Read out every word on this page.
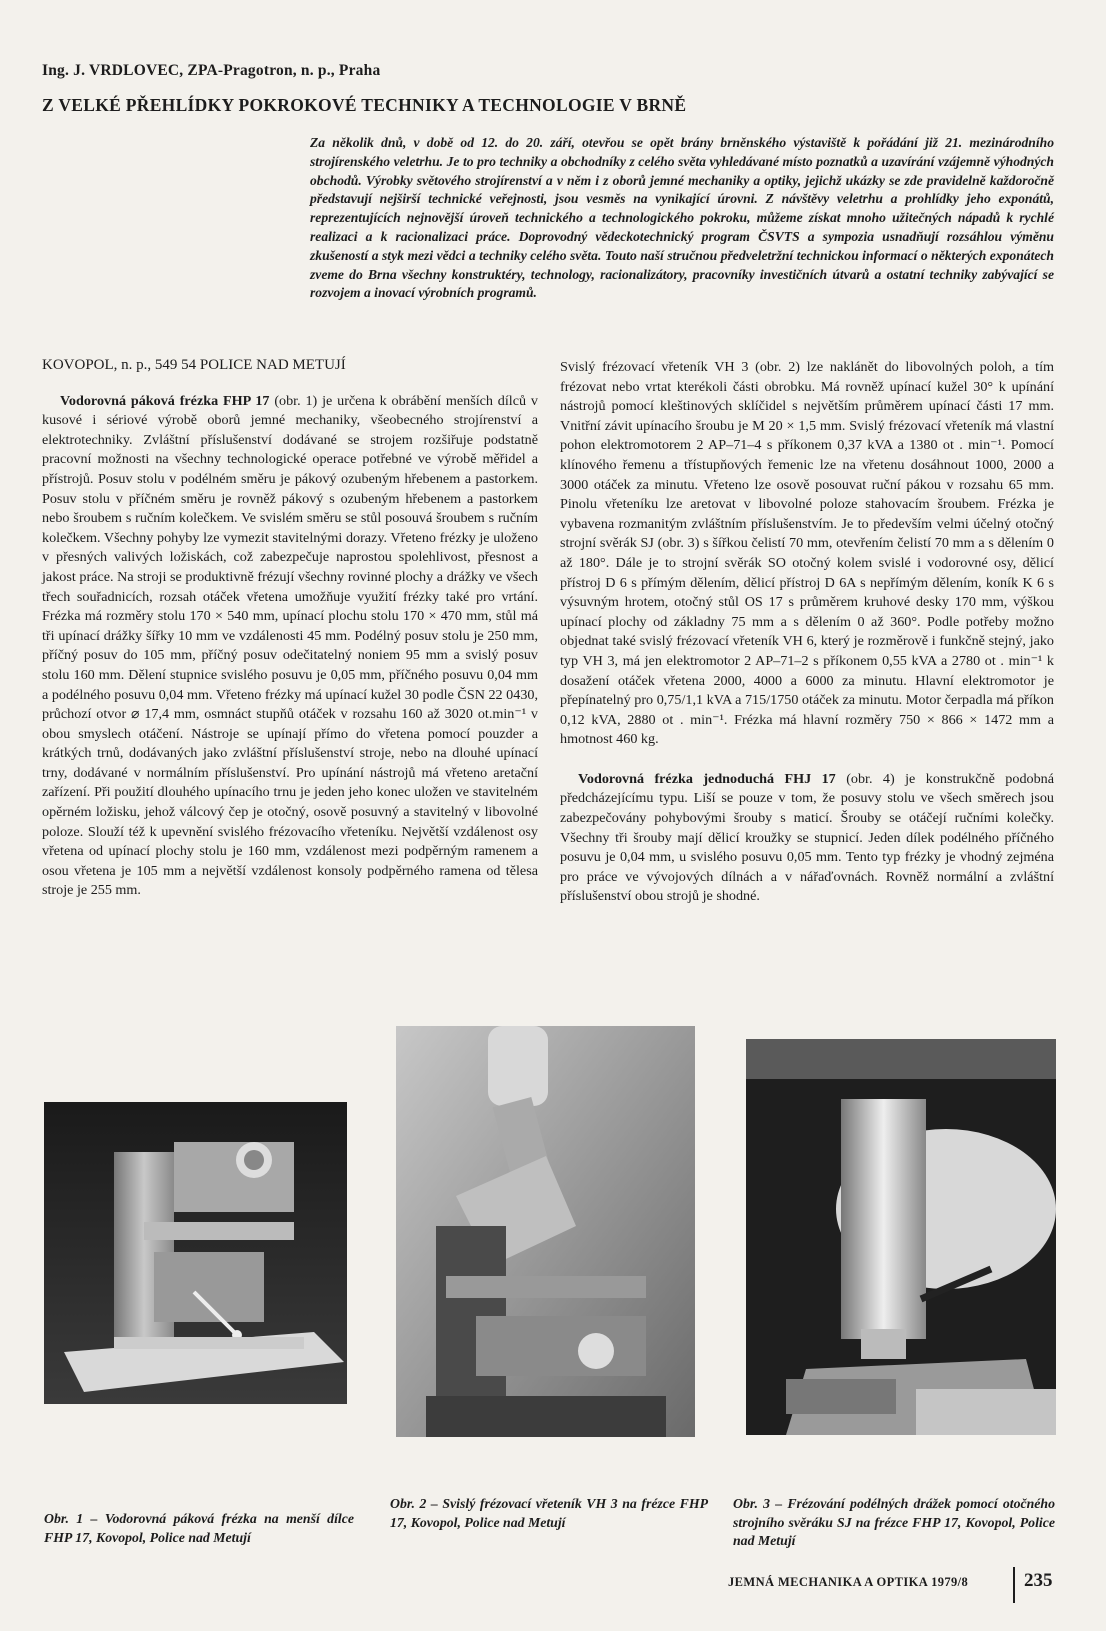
Ing. J. VRDLOVEC, ZPA-Pragotron, n. p., Praha
Z VELKÉ PŘEHLÍDKY POKROKOVÉ TECHNIKY A TECHNOLOGIE V BRNĚ

Za několik dnů, v době od 12. do 20. září, otevřou se opět brány brněnského výstaviště k pořádání již 21. mezinárodního strojírenského veletrhu. Je to pro techniky a obchodníky z celého světa vyhledávané místo poznatků a uzavírání vzájemně výhodných obchodů. Výrobky světového strojírenství a v něm i z oborů jemné mechaniky a optiky, jejichž ukázky se zde pravidelně každoročně představují nejširší technické veřejnosti, jsou vesměs na vynikající úrovni. Z návštěvy veletrhu a prohlídky jeho exponátů, reprezentujících nejnovější úroveň technického a technologického pokroku, můžeme získat mnoho užitečných nápadů k rychlé realizaci a k racionalizaci práce. Doprovodný vědeckotechnický program ČSVTS a sympozia usnadňují rozsáhlou výměnu zkušeností a styk mezi vědci a techniky celého světa. Touto naší stručnou předveletržní technickou informací o některých exponátech zveme do Brna všechny konstruktéry, technology, racionalizátory, pracovníky investičních útvarů a ostatní techniky zabývající se rozvojem a inovací výrobních programů.

KOVOPOL, n. p., 549 54 POLICE NAD METUJÍ

Vodorovná páková frézka FHP 17 (obr. 1) je určena k obrábění menších dílců v kusové i sériové výrobě oborů jemné mechaniky, všeobecného strojírenství a elektrotechniky. Zvláštní příslušenství dodávané se strojem rozšiřuje podstatně pracovní možnosti na všechny technologické operace potřebné ve výrobě měřidel a přístrojů. Posuv stolu v podélném směru je pákový ozubeným hřebenem a pastorkem. Posuv stolu v příčném směru je rovněž pákový s ozubeným hřebenem a pastorkem nebo šroubem s ručním kolečkem. Ve svislém směru se stůl posouvá šroubem s ručním kolečkem. Všechny pohyby lze vymezit stavitelnými dorazy. Vřeteno frézky je uloženo v přesných valivých ložiskách, což zabezpečuje naprostou spolehlivost, přesnost a jakost práce. Na stroji se produktivně frézují všechny rovinné plochy a drážky ve všech třech souřadnicích, rozsah otáček vřetena umožňuje využití frézky také pro vrtání. Frézka má rozměry stolu 170 × 540 mm, upínací plochu stolu 170 × 470 mm, stůl má tři upínací drážky šířky 10 mm ve vzdálenosti 45 mm. Podélný posuv stolu je 250 mm, příčný posuv do 105 mm, příčný posuv odečitatelný noniem 95 mm a svislý posuv stolu 160 mm. Dělení stupnice svislého posuvu je 0,05 mm, příčného posuvu 0,04 mm a podélného posuvu 0,04 mm. Vřeteno frézky má upínací kužel 30 podle ČSN 22 0430, průchozí otvor ⌀ 17,4 mm, osmnáct stupňů otáček v rozsahu 160 až 3020 ot.min⁻¹ v obou smyslech otáčení. Nástroje se upínají přímo do vřetena pomocí pouzder a krátkých trnů, dodávaných jako zvláštní příslušenství stroje, nebo na dlouhé upínací trny, dodávané v normálním příslušenství. Pro upínání nástrojů má vřeteno aretační zařízení. Při použití dlouhého upínacího trnu je jeden jeho konec uložen ve stavitelném opěrném ložisku, jehož válcový čep je otočný, osově posuvný a stavitelný v libovolné poloze. Slouží též k upevnění svislého frézovacího vřeteníku. Největší vzdálenost osy vřetena od upínací plochy stolu je 160 mm, vzdálenost mezi podpěrným ramenem a osou vřetena je 105 mm a největší vzdálenost konsoly podpěrného ramena od tělesa stroje je 255 mm.

Svislý frézovací vřeteník VH 3 (obr. 2) lze naklánět do libovolných poloh, a tím frézovat nebo vrtat kterékoli části obrobku. Má rovněž upínací kužel 30° k upínání nástrojů pomocí kleštinových sklíčidel s největším průměrem upínací části 17 mm. Vnitřní závit upínacího šroubu je M 20 × 1,5 mm. Svislý frézovací vřeteník má vlastní pohon elektromotorem 2 AP–71–4 s příkonem 0,37 kVA a 1380 ot . min⁻¹. Pomocí klínového řemenu a třístupňových řemenic lze na vřetenu dosáhnout 1000, 2000 a 3000 otáček za minutu. Vřeteno lze osově posouvat ruční pákou v rozsahu 65 mm. Pinolu vřeteníku lze aretovat v libovolné poloze stahovacím šroubem. Frézka je vybavena rozmanitým zvláštním příslušenstvím. Je to především velmi účelný otočný strojní svěrák SJ (obr. 3) s šířkou čelistí 70 mm, otevřením čelistí 70 mm a s dělením 0 až 180°. Dále je to strojní svěrák SO otočný kolem svislé i vodorovné osy, dělicí přístroj D 6 s přímým dělením, dělicí přístroj D 6A s nepřímým dělením, koník K 6 s výsuvným hrotem, otočný stůl OS 17 s průměrem kruhové desky 170 mm, výškou upínací plochy od základny 75 mm a s dělením 0 až 360°. Podle potřeby možno objednat také svislý frézovací vřeteník VH 6, který je rozměrově i funkčně stejný, jako typ VH 3, má jen elektromotor 2 AP–71–2 s příkonem 0,55 kVA a 2780 ot . min⁻¹ k dosažení otáček vřetena 2000, 4000 a 6000 za minutu. Hlavní elektromotor je přepínatelný pro 0,75/1,1 kVA a 715/1750 otáček za minutu. Motor čerpadla má příkon 0,12 kVA, 2880 ot . min⁻¹. Frézka má hlavní rozměry 750 × 866 × 1472 mm a hmotnost 460 kg.

Vodorovná frézka jednoduchá FHJ 17 (obr. 4) je konstrukčně podobná předcházejícímu typu. Liší se pouze v tom, že posuvy stolu ve všech směrech jsou zabezpečovány pohybovými šrouby s maticí. Šrouby se otáčejí ručními kolečky. Všechny tři šrouby mají dělicí kroužky se stupnicí. Jeden dílek podélného příčného posuvu je 0,04 mm, u svislého posuvu 0,05 mm. Tento typ frézky je vhodný zejména pro práce ve vývojových dílnách a v nářaďovnách. Rovněž normální a zvláštní příslušenství obou strojů je shodné.

Obr. 1 – Vodorovná páková frézka na menší dílce FHP 17, Kovopol, Police nad Metují
Obr. 2 – Svislý frézovací vřeteník VH 3 na frézce FHP 17, Kovopol, Police nad Metují
Obr. 3 – Frézování podélných drážek pomocí otočného strojního svěráku SJ na frézce FHP 17, Kovopol, Police nad Metují
JEMNÁ MECHANIKA A OPTIKA 1979/8	235
